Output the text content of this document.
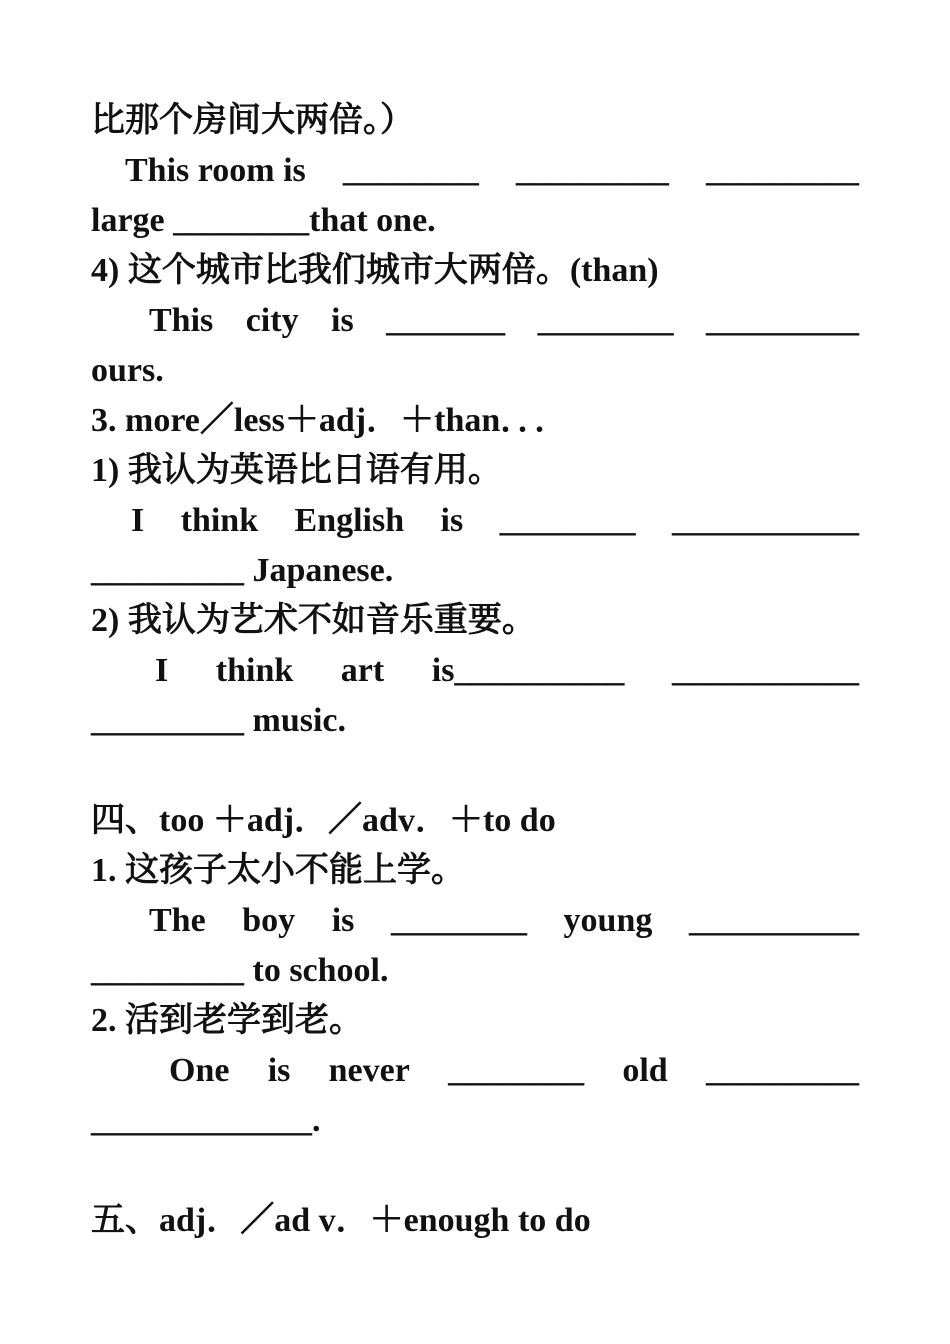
比那个房间大两倍。）
This room is ________ _________ _________
large ________that one.
4) 这个城市比我们城市大两倍。(than)
This city is _______ ________ _________
ours.
3. more／less＋adj．＋than．．．
1) 我认为英语比日语有用。
I think English is ________ ___________
_________ Japanese.
2) 我认为艺术不如音乐重要。
I think art is__________ ___________
_________ music.
四、too ＋adj．／adv．＋to do
1. 这孩子太小不能上学。
The boy is ________ young __________
_________ to school.
2. 活到老学到老。
One is never ________ old _________
_____________.
五、adj．／ad v．＋enough to do
